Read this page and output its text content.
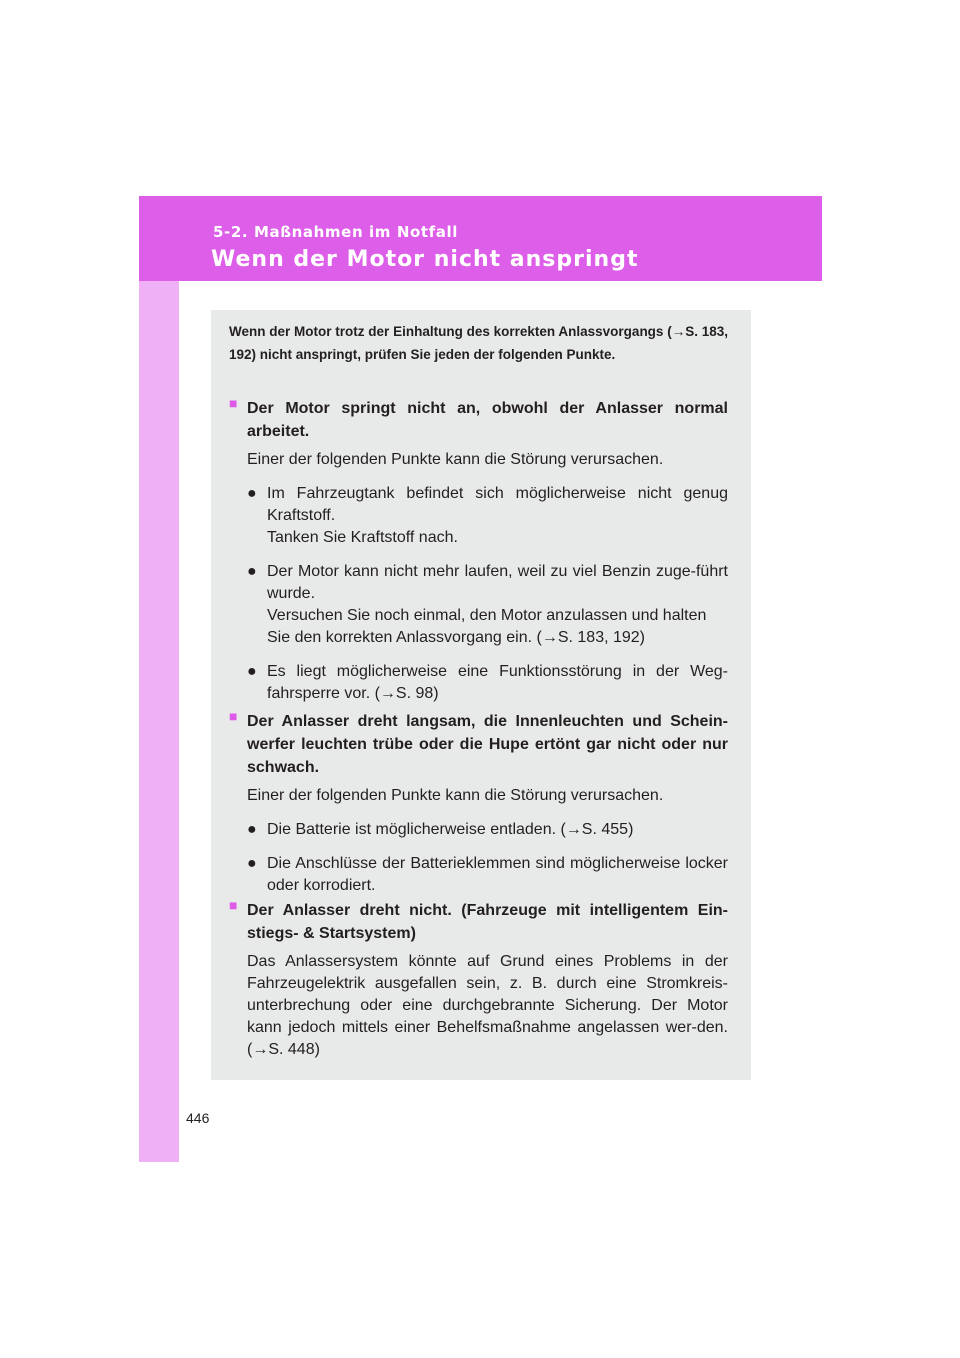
5-2. Maßnahmen im Notfall
Wenn der Motor nicht anspringt
Wenn der Motor trotz der Einhaltung des korrekten Anlassvorgangs (→S. 183, 192) nicht anspringt, prüfen Sie jeden der folgenden Punkte.
■
Der Motor springt nicht an, obwohl der Anlasser normal arbeitet.
Einer der folgenden Punkte kann die Störung verursachen.
● Im Fahrzeugtank befindet sich möglicherweise nicht genug Kraftstoff.
Tanken Sie Kraftstoff nach.
● Der Motor kann nicht mehr laufen, weil zu viel Benzin zuge-führt wurde.
Versuchen Sie noch einmal, den Motor anzulassen und halten Sie den korrekten Anlassvorgang ein. (→S. 183, 192)
● Es liegt möglicherweise eine Funktionsstörung in der Weg-fahrsperre vor. (→S. 98)
■
Der Anlasser dreht langsam, die Innenleuchten und Schein-werfer leuchten trübe oder die Hupe ertönt gar nicht oder nur schwach.
Einer der folgenden Punkte kann die Störung verursachen.
● Die Batterie ist möglicherweise entladen. (→S. 455)
● Die Anschlüsse der Batterieklemmen sind möglicherweise locker oder korrodiert.
■
Der Anlasser dreht nicht. (Fahrzeuge mit intelligentem Ein-stiegs- & Startsystem)
Das Anlassersystem könnte auf Grund eines Problems in der Fahrzeugelektrik ausgefallen sein, z. B. durch eine Stromkreis-unterbrechung oder eine durchgebrannte Sicherung. Der Motor kann jedoch mittels einer Behelfsmaßnahme angelassen wer-den. (→S. 448)
446
